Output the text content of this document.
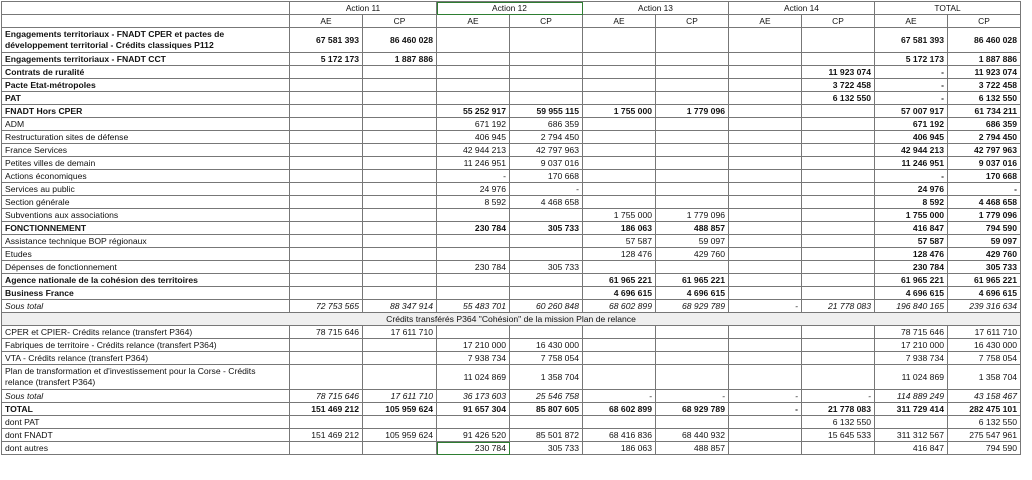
	Action 11		Action 12		Action 13		Action 14		TOTAL	
	AE	CP	AE	CP	AE	CP	AE	CP	AE	CP
Engagements territoriaux - FNADT CPER et pactes de développement territorial - Crédits classiques P112	67 581 393	86 460 028							67 581 393	86 460 028
Engagements territoriaux - FNADT CCT	5 172 173	1 887 886							5 172 173	1 887 886
Contrats de ruralité								11 923 074	-	11 923 074
Pacte Etat-métropoles								3 722 458	-	3 722 458
PAT								6 132 550	-	6 132 550
FNADT Hors CPER			55 252 917	59 955 115	1 755 000	1 779 096			57 007 917	61 734 211
ADM			671 192	686 359					671 192	686 359
Restructuration sites de défense			406 945	2 794 450					406 945	2 794 450
France Services			42 944 213	42 797 963					42 944 213	42 797 963
Petites villes de demain			11 246 951	9 037 016					11 246 951	9 037 016
Actions économiques			-	170 668					-	170 668
Services au public			24 976	-					24 976	-
Section générale			8 592	4 468 658					8 592	4 468 658
Subventions aux associations					1 755 000	1 779 096			1 755 000	1 779 096
FONCTIONNEMENT			230 784	305 733	186 063	488 857			416 847	794 590
Assistance technique BOP régionaux					57 587	59 097			57 587	59 097
Etudes					128 476	429 760			128 476	429 760
Dépenses de fonctionnement			230 784	305 733					230 784	305 733
Agence nationale de la cohésion des territoires					61 965 221	61 965 221			61 965 221	61 965 221
Business France					4 696 615	4 696 615			4 696 615	4 696 615
Sous total	72 753 565	88 347 914	55 483 701	60 260 848	68 602 899	68 929 789	-	21 778 083	196 840 165	239 316 634
Crédits transférés P364 "Cohésion" de la mission Plan de relance										
CPER et CPIER- Crédits relance (transfert P364)	78 715 646	17 611 710							78 715 646	17 611 710
Fabriques de territoire - Crédits relance (transfert P364)			17 210 000	16 430 000					17 210 000	16 430 000
VTA - Crédits relance (transfert P364)			7 938 734	7 758 054					7 938 734	7 758 054
Plan de transformation et d'investissement pour la Corse - Crédits relance (transfert P364)			11 024 869	1 358 704					11 024 869	1 358 704
Sous total	78 715 646	17 611 710	36 173 603	25 546 758	-	-	-	-	114 889 249	43 158 467
TOTAL	151 469 212	105 959 624	91 657 304	85 807 605	68 602 899	68 929 789	-	21 778 083	311 729 414	282 475 101
dont PAT								6 132 550		6 132 550
dont FNADT	151 469 212	105 959 624	91 426 520	85 501 872	68 416 836	68 440 932		15 645 533	311 312 567	275 547 961
dont autres			230 784	305 733	186 063	488 857			416 847	794 590
